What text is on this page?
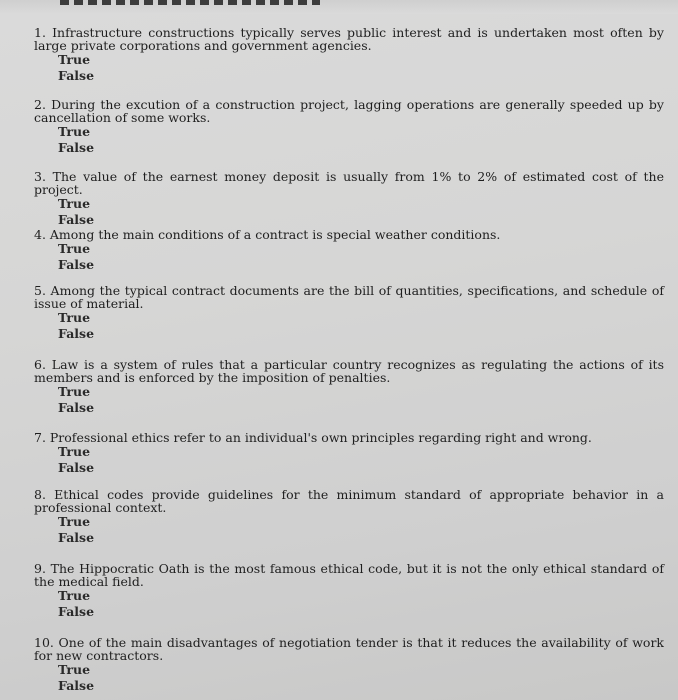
1. Infrastructure constructions typically serves public interest and is undertaken most often by large private corporations and government agencies.

True
False

2. During the excution of a construction project, lagging operations are generally speeded up by cancellation of some works.

True
False

3. The value of the earnest money deposit is usually from 1% to 2% of estimated cost of the project.

True
False

4. Among the main conditions of a contract is special weather conditions.

True
False

5. Among the typical contract documents are the bill of quantities, specifications, and schedule of issue of material.

True
False

6. Law is a system of rules that a particular country recognizes as regulating the actions of its members and is enforced by the imposition of penalties.

True
False

7. Professional ethics refer to an individual's own principles regarding right and wrong.

True
False

8. Ethical codes provide guidelines for the minimum standard of appropriate behavior in a professional context.

True
False

9. The Hippocratic Oath is the most famous ethical code, but it is not the only ethical standard of the medical field.

True
False

10. One of the main disadvantages of negotiation tender is that it reduces the availability of work for new contractors.

True
False
